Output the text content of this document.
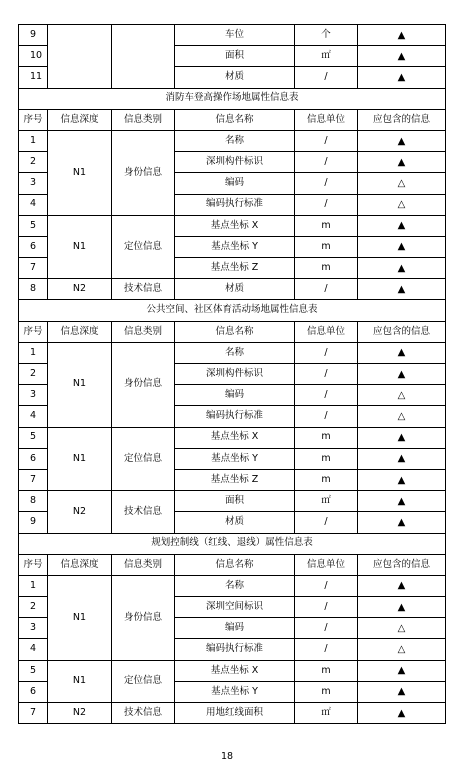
9			车位	个	▲
10			面积	㎡	▲
11			材质	/	▲
消防车登高操作场地属性信息表					
序号	信息深度	信息类别	信息名称	信息单位	应包含的信息
1	N1	身份信息	名称	/	▲
2			深圳构件标识	/	▲
3			编码	/	△
4			编码执行标准	/	△
5	N1	定位信息	基点坐标 X	m	▲
6			基点坐标 Y	m	▲
7			基点坐标 Z	m	▲
8	N2	技术信息	材质	/	▲
公共空间、社区体育活动场地属性信息表					
序号	信息深度	信息类别	信息名称	信息单位	应包含的信息
1	N1	身份信息	名称	/	▲
2			深圳构件标识	/	▲
3			编码	/	△
4			编码执行标准	/	△
5	N1	定位信息	基点坐标 X	m	▲
6			基点坐标 Y	m	▲
7			基点坐标 Z	m	▲
8	N2	技术信息	面积	㎡	▲
9			材质	/	▲
规划控制线（红线、退线）属性信息表					
序号	信息深度	信息类别	信息名称	信息单位	应包含的信息
1	N1	身份信息	名称	/	▲
2			深圳空间标识	/	▲
3			编码	/	△
4			编码执行标准	/	△
5	N1	定位信息	基点坐标 X	m	▲
6			基点坐标 Y	m	▲
7	N2	技术信息	用地红线面积	㎡	▲
18
